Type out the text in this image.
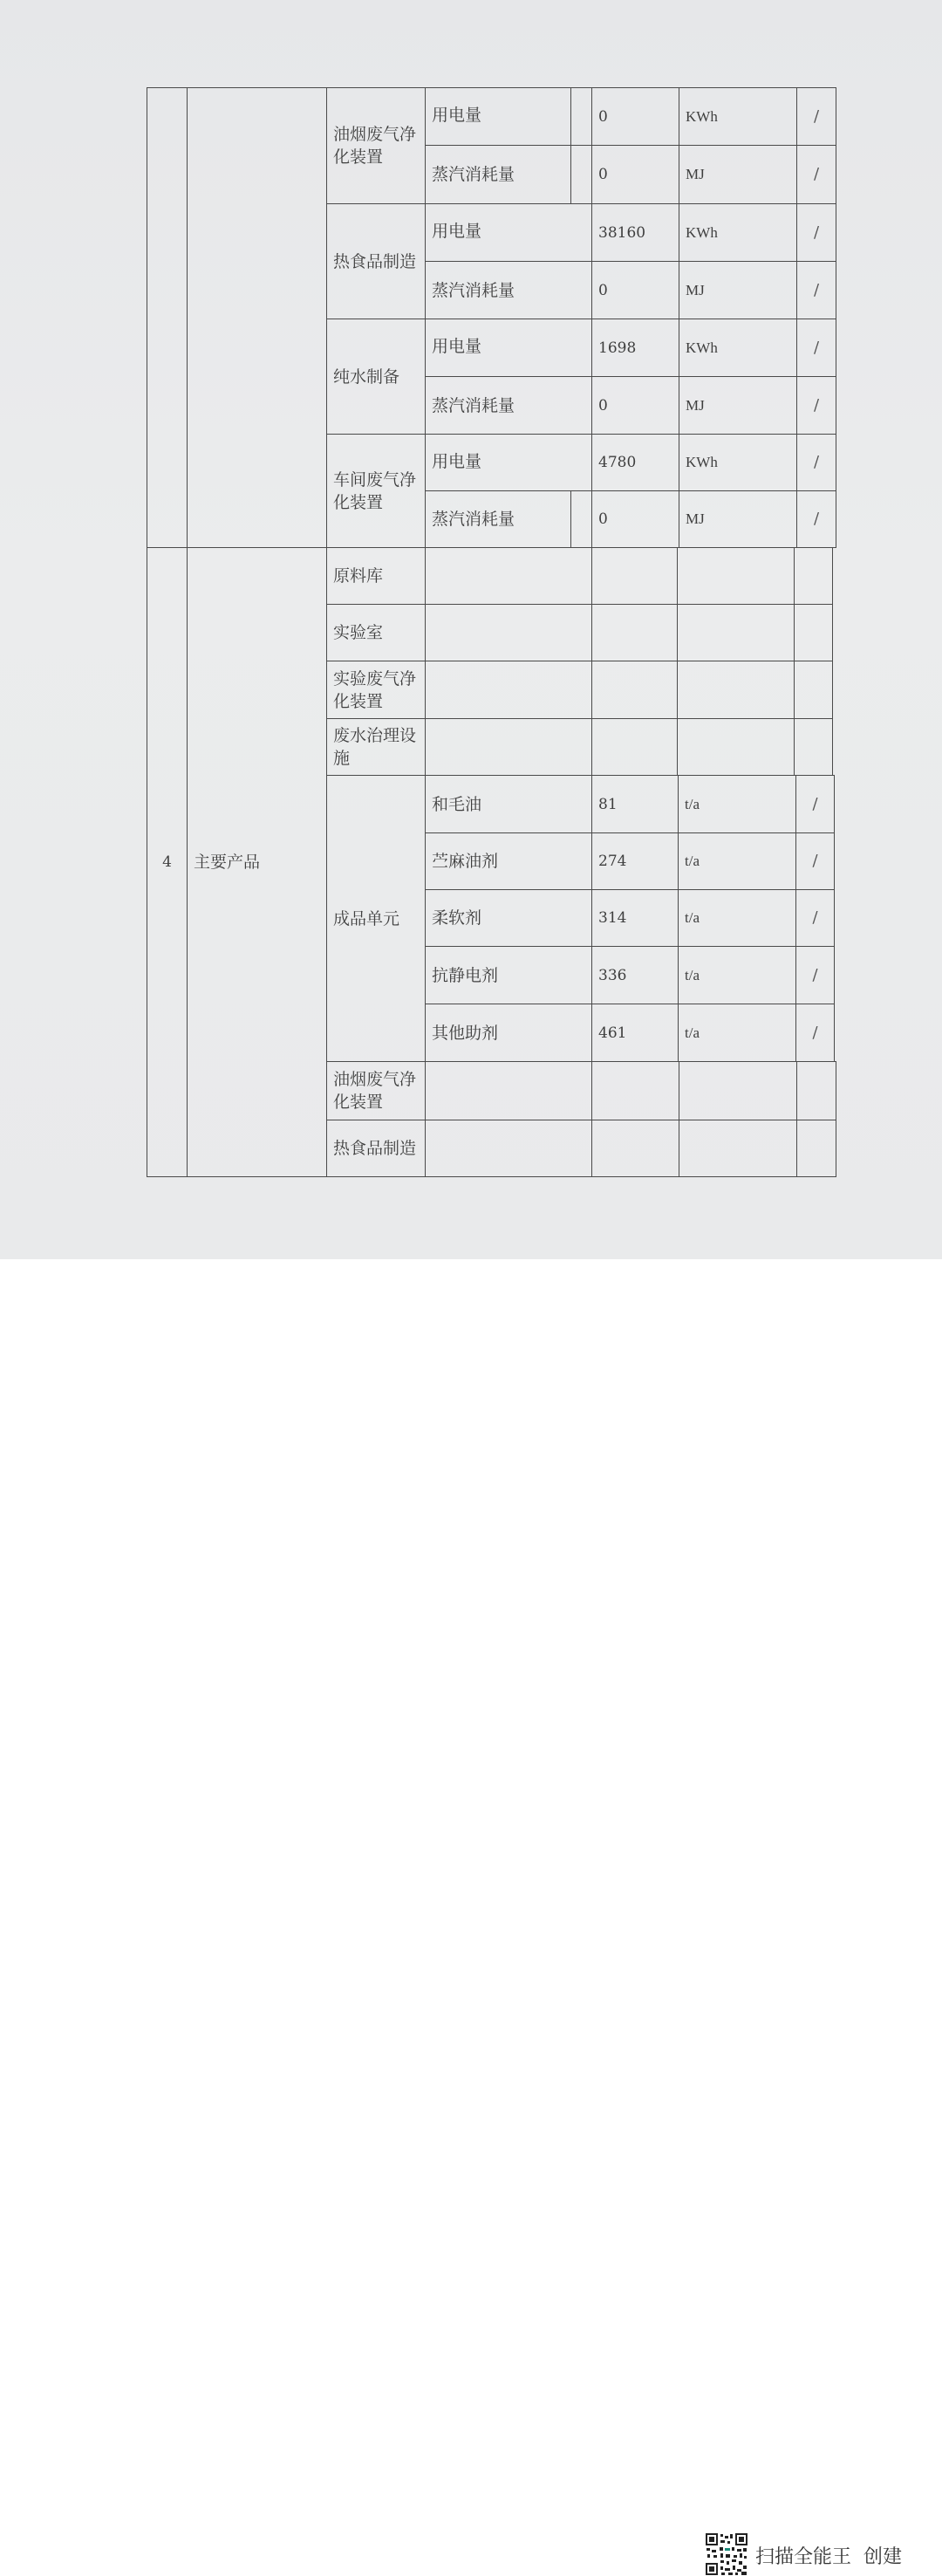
油烟废气净化装置
用电量	0	KWh	/
蒸汽消耗量	0	MJ	/
热食品制造
用电量	38160	KWh	/
蒸汽消耗量	0	MJ	/
纯水制备
用电量	1698	KWh	/
蒸汽消耗量	0	MJ	/
车间废气净化装置
用电量	4780	KWh	/
蒸汽消耗量	0	MJ	/
4	主要产品
原料库
实验室
实验废气净化装置
废水治理设施
成品单元
和毛油	81	t/a	/
苎麻油剂	274	t/a	/
柔软剂	314	t/a	/
抗静电剂	336	t/a	/
其他助剂	461	t/a	/
油烟废气净化装置
热食品制造
扫描全能王  创建
